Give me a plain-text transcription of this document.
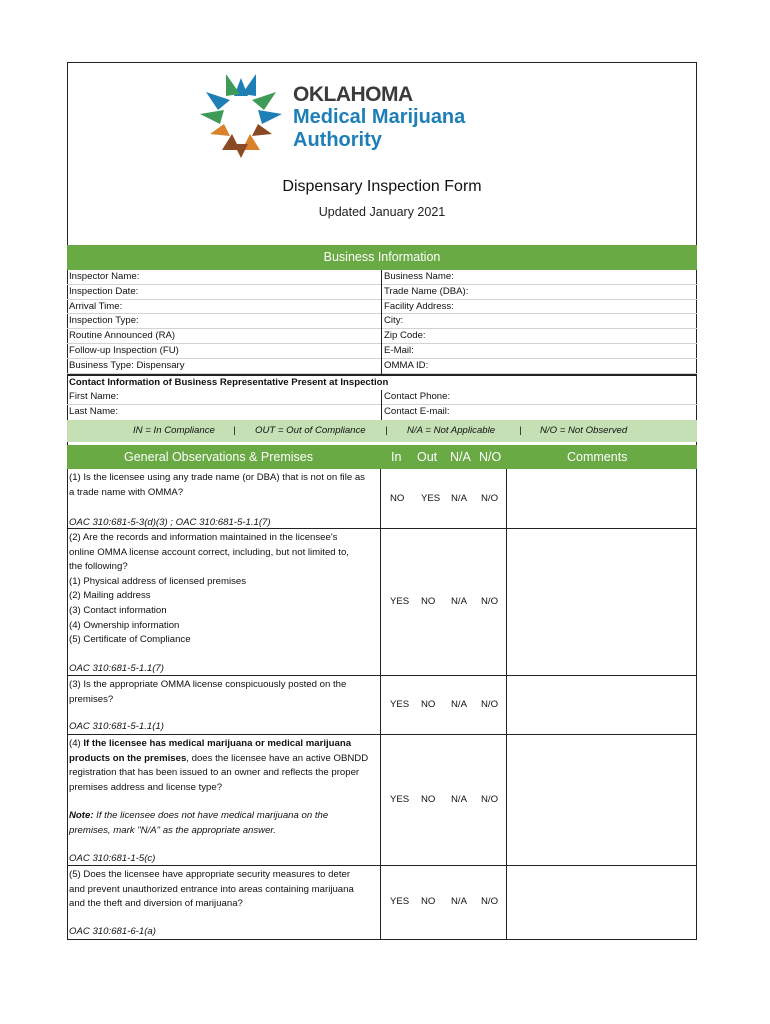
OKLAHOMA
Medical Marijuana
Authority
Dispensary Inspection Form
Updated January 2021
Business Information
Inspector Name:
Inspection Date:
Arrival Time:
Inspection Type:
Routine Announced (RA)
Follow-up Inspection (FU)
Business Type: Dispensary
Business Name:
Trade Name (DBA):
Facility Address:
City:
Zip Code:
E-Mail:
OMMA ID:
Contact Information of Business Representative Present at Inspection
First Name:
Last Name:
Contact Phone:
Contact E-mail:
IN = In Compliance | OUT = Out of Compliance | N/A = Not Applicable | N/O = Not Observed
General Observations & Premises	In Out N/A N/O	Comments

(1) Is the licensee using any trade name (or DBA) that is not on file as

a trade name with OMMA?

OAC 310:681-5-3(d)(3) ; OAC 310:681-5-1.1(7)

NO YES N/A N/O

(2) Are the records and information maintained in the licensee's

online OMMA license account correct, including, but not limited to,

the following?

(1) Physical address of licensed premises

(2) Mailing address

(3) Contact information

(4) Ownership information

(5) Certificate of Compliance

OAC 310:681-5-1.1(7)

YES NO N/A N/O

(3) Is the appropriate OMMA license conspicuously posted on the

premises?

OAC 310:681-5-1.1(1)

YES NO N/A N/O

(4) If the licensee has medical marijuana or medical marijuana

products on the premises, does the licensee have an active OBNDD

registration that has been issued to an owner and reflects the proper

premises address and license type?

Note: If the licensee does not have medical marijuana on the

premises, mark "N/A" as the appropriate answer.

OAC 310:681-1-5(c)

YES NO N/A N/O

(5) Does the licensee have appropriate security measures to deter

and prevent unauthorized entrance into areas containing marijuana

and the theft and diversion of marijuana?

OAC 310:681-6-1(a)

YES NO N/A N/O
